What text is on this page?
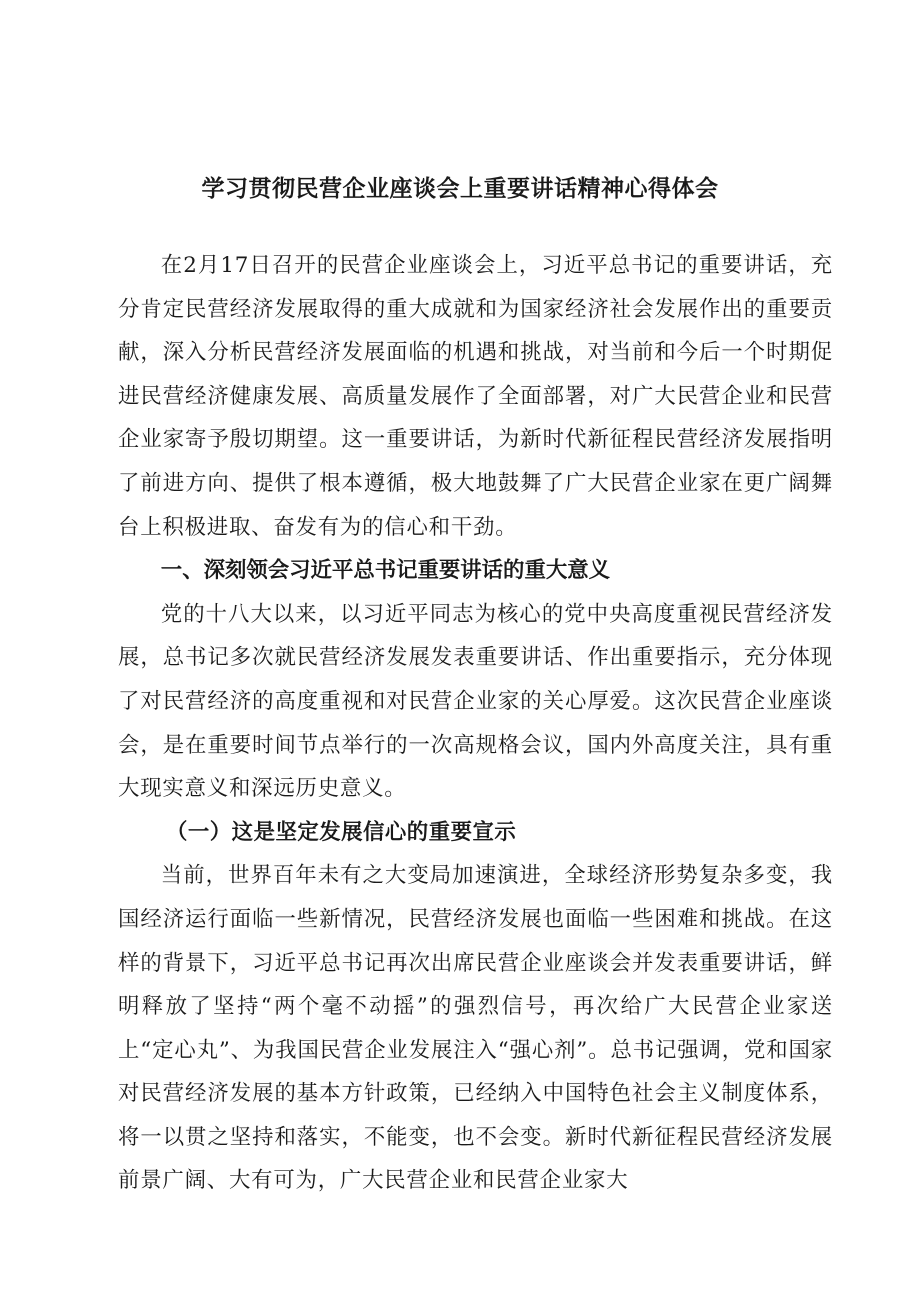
学习贯彻民营企业座谈会上重要讲话精神心得体会

在2月17日召开的民营企业座谈会上，习近平总书记的重要讲话，充分肯定民营经济发展取得的重大成就和为国家经济社会发展作出的重要贡献，深入分析民营经济发展面临的机遇和挑战，对当前和今后一个时期促进民营经济健康发展、高质量发展作了全面部署，对广大民营企业和民营企业家寄予殷切期望。这一重要讲话，为新时代新征程民营经济发展指明了前进方向、提供了根本遵循，极大地鼓舞了广大民营企业家在更广阔舞台上积极进取、奋发有为的信心和干劲。

一、深刻领会习近平总书记重要讲话的重大意义

党的十八大以来，以习近平同志为核心的党中央高度重视民营经济发展，总书记多次就民营经济发展发表重要讲话、作出重要指示，充分体现了对民营经济的高度重视和对民营企业家的关心厚爱。这次民营企业座谈会，是在重要时间节点举行的一次高规格会议，国内外高度关注，具有重大现实意义和深远历史意义。

（一）这是坚定发展信心的重要宣示

当前，世界百年未有之大变局加速演进，全球经济形势复杂多变，我国经济运行面临一些新情况，民营经济发展也面临一些困难和挑战。在这样的背景下，习近平总书记再次出席民营企业座谈会并发表重要讲话，鲜明释放了坚持“两个毫不动摇”的强烈信号，再次给广大民营企业家送上“定心丸”、为我国民营企业发展注入“强心剂”。总书记强调，党和国家对民营经济发展的基本方针政策，已经纳入中国特色社会主义制度体系，将一以贯之坚持和落实，不能变，也不会变。新时代新征程民营经济发展前景广阔、大有可为，广大民营企业和民营企业家大
